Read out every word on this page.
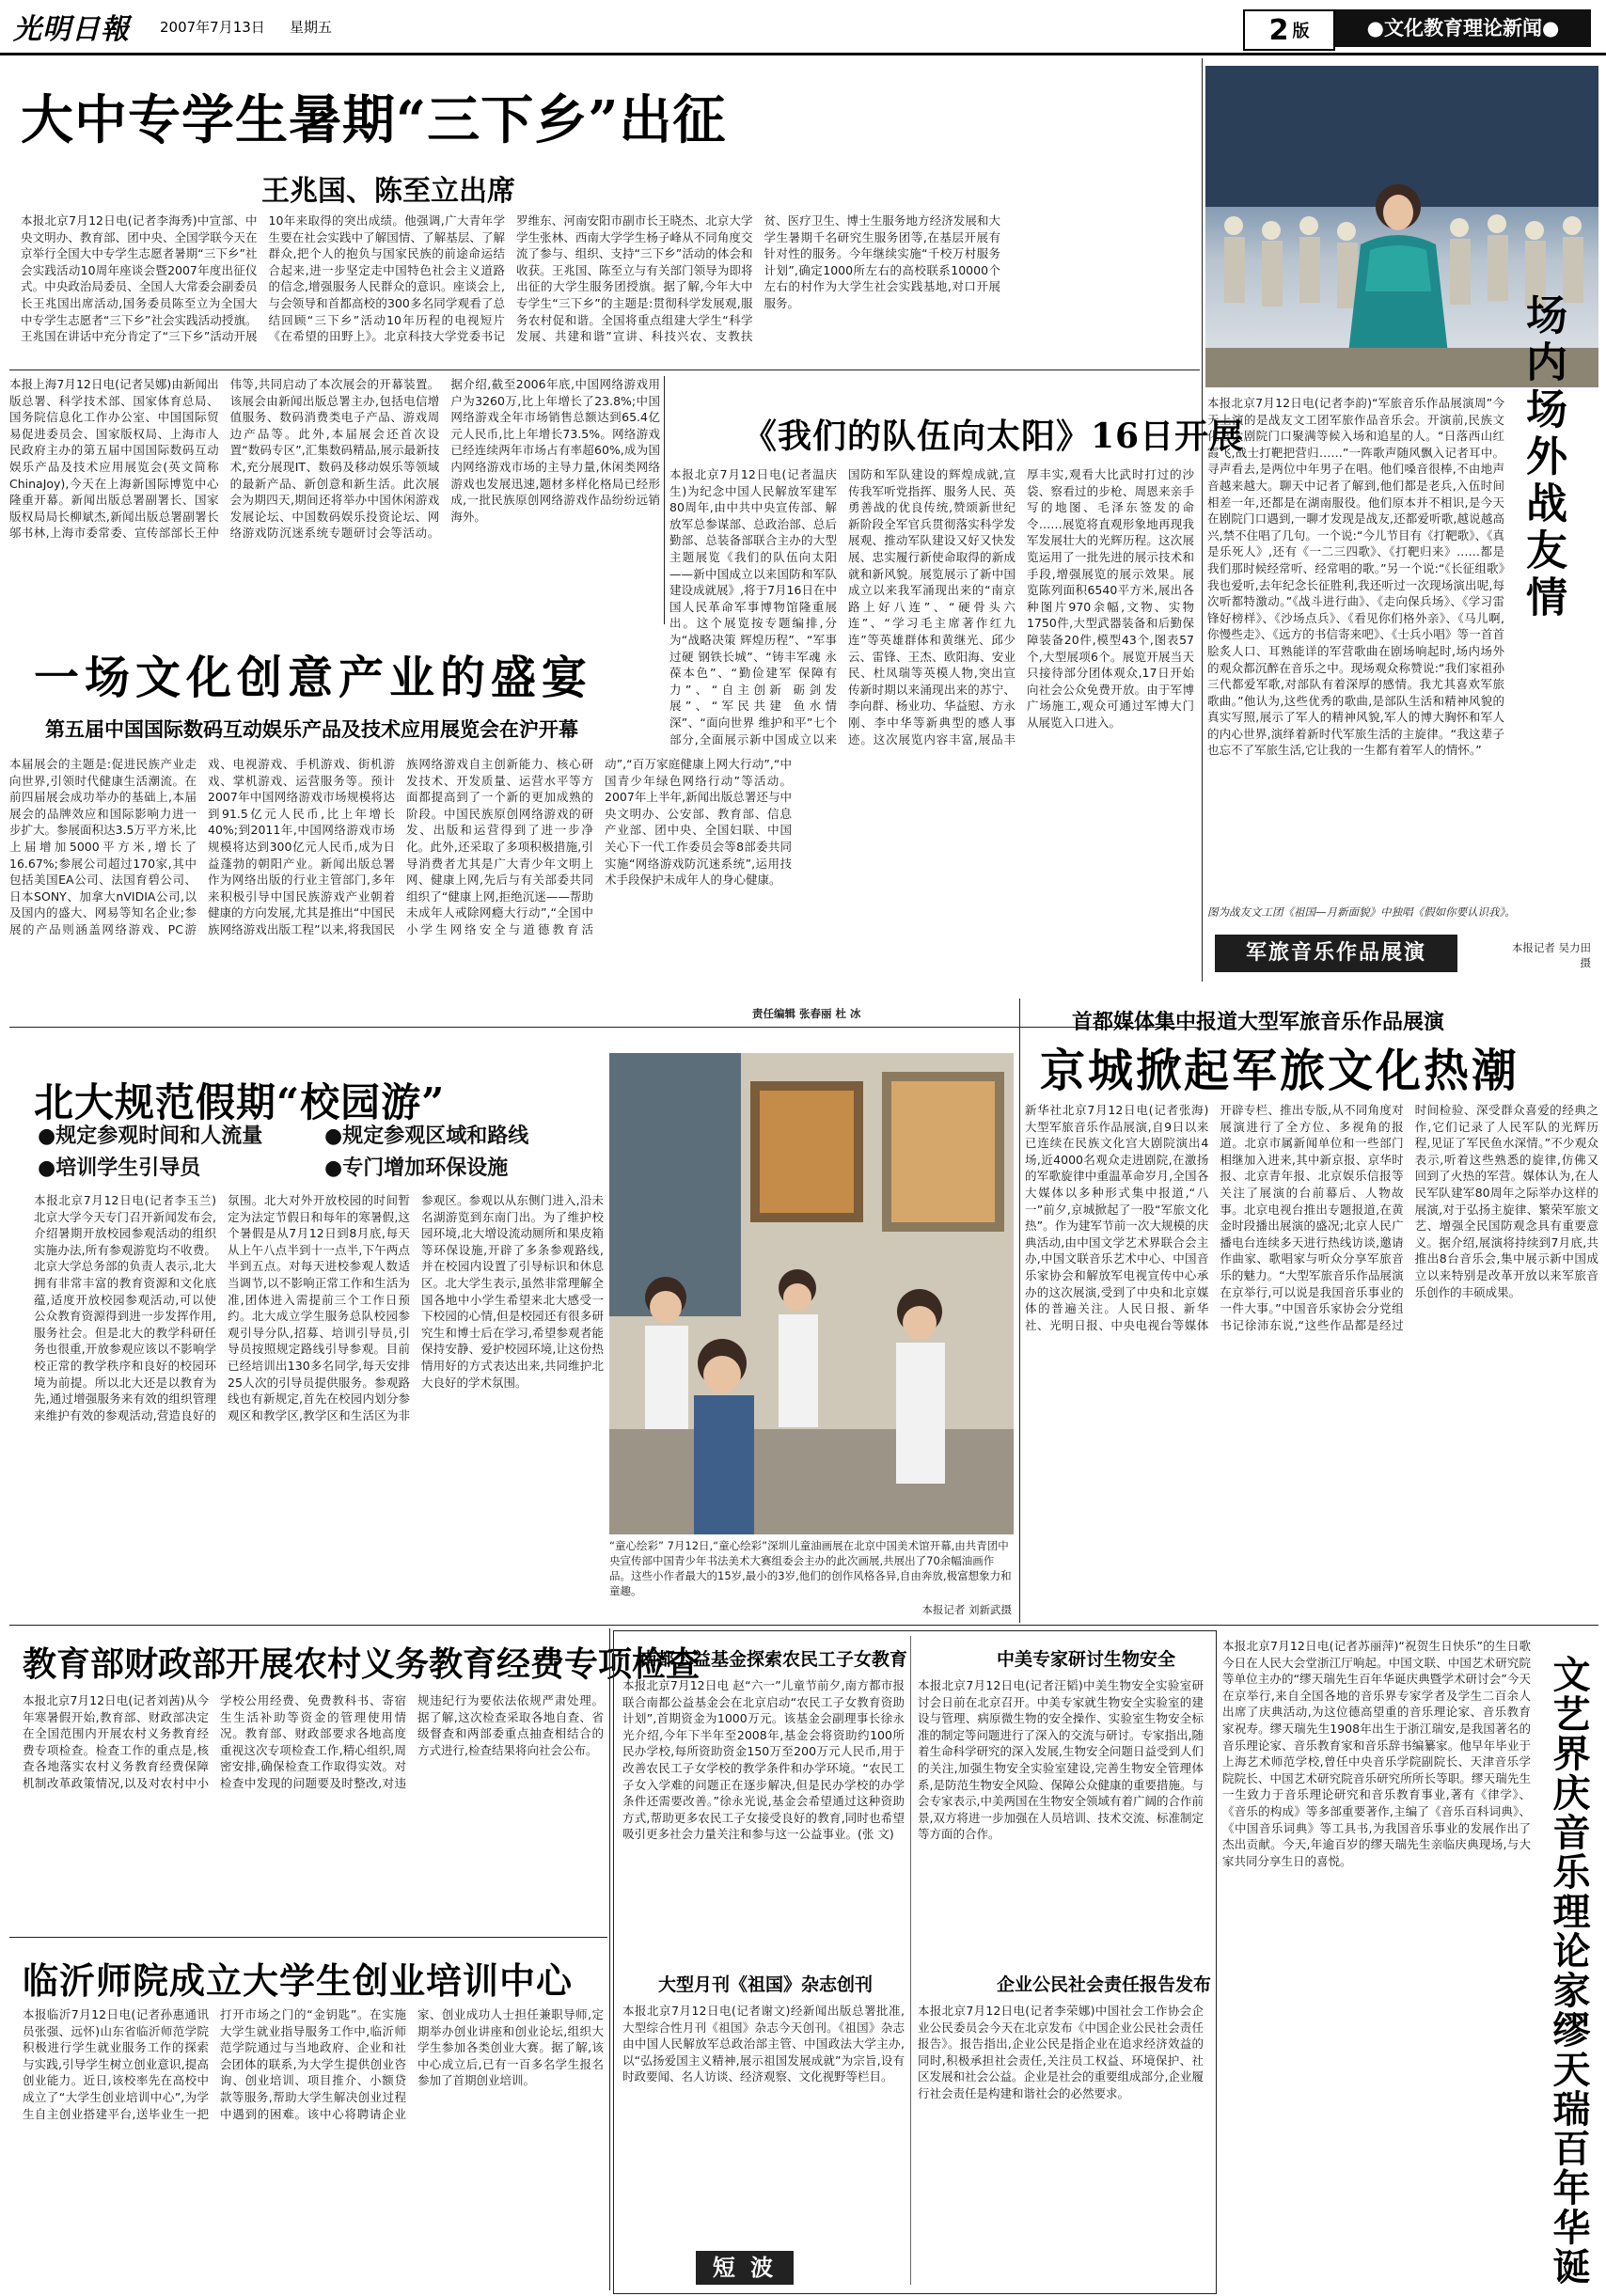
光明日報 2007年7月13日 星期五	2 版	●文化教育理论新闻●
大中专学生暑期“三下乡”出征
王兆国、陈至立出席
本报北京7月12日电(记者李海秀)中宣部、中央文明办、教育部、团中央、全国学联今天在京举行全国大中专学生志愿者暑期“三下乡”社会实践活动10周年座谈会暨2007年度出征仪式。中央政治局委员、全国人大常委会副委员长王兆国出席活动,国务委员陈至立为全国大中专学生志愿者“三下乡”社会实践活动授旗。王兆国在讲话中充分肯定了“三下乡”活动开展10年来取得的突出成绩。他强调,广大青年学生要在社会实践中了解国情、了解基层、了解群众,把个人的抱负与国家民族的前途命运结合起来,进一步坚定走中国特色社会主义道路的信念,增强服务人民群众的意识。座谈会上,与会领导和首都高校的300多名同学观看了总结回顾“三下乡”活动10年历程的电视短片《在希望的田野上》。北京科技大学党委书记罗维东、河南安阳市副市长王晓杰、北京大学学生张林、西南大学学生杨子峰从不同角度交流了参与、组织、支持“三下乡”活动的体会和收获。王兆国、陈至立与有关部门领导为即将出征的大学生服务团授旗。据了解,今年大中专学生“三下乡”的主题是:贯彻科学发展观,服务农村促和谐。全国将重点组建大学生“科学发展、共建和谐”宣讲、科技兴农、支教扶贫、医疗卫生、博士生服务地方经济发展和大学生暑期千名研究生服务团等,在基层开展有针对性的服务。今年继续实施“千校万村服务计划”,确定1000所左右的高校联系10000个左右的村作为大学生社会实践基地,对口开展服务。	场内场外战友情
本报北京7月12日电(记者李韵)“军旅音乐作品展演周”今天上演的是战友文工团军旅作品音乐会。开演前,民族文化宫大剧院门口聚满等候入场和追星的人。“日落西山红霞飞,战士打靶把营归……”一阵歌声随风飘入记者耳中。寻声看去,是两位中年男子在唱。他们嗓音很棒,不由地声音越来越大。聊天中记者了解到,他们都是老兵,入伍时间相差一年,还都是在湖南服役。他们原本并不相识,是今天在剧院门口遇到,一聊才发现是战友,还都爱听歌,越说越高兴,禁不住唱了几句。一个说:“今儿节目有《打靶歌》、《真是乐死人》,还有《一二三四歌》、《打靶归来》……都是我们那时候经常听、经常唱的歌。”另一个说:“《长征组歌》我也爱听,去年纪念长征胜利,我还听过一次现场演出呢,每次听都特激动。”《战斗进行曲》、《走向保兵场》、《学习雷锋好榜样》、《沙场点兵》、《看见你们格外亲》、《马儿啊,你慢些走》、《远方的书信寄来吧》、《士兵小唱》等一首首脍炙人口、耳熟能详的军营歌曲在剧场响起时,场内场外的观众都沉醉在音乐之中。现场观众称赞说:“我们家祖孙三代都爱军歌,对部队有着深厚的感情。我尤其喜欢军旅歌曲。”他认为,这些优秀的歌曲,是部队生活和精神风貌的真实写照,展示了军人的精神风貌,军人的博大胸怀和军人的内心世界,演绎着新时代军旅生活的主旋律。“我这辈子也忘不了军旅生活,它让我的一生都有着军人的情怀。”
图为战友文工团《祖国—月新面貌》中独唱《假如你要认识我》。
军旅音乐作品展演	本报记者 吴力田摄
本报上海7月12日电(记者吴娜)由新闻出版总署、科学技术部、国家体育总局、国务院信息化工作办公室、中国国际贸易促进委员会、国家版权局、上海市人民政府主办的第五届中国国际数码互动娱乐产品及技术应用展览会(英文简称ChinaJoy),今天在上海新国际博览中心隆重开幕。新闻出版总署副署长、国家版权局局长柳斌杰,新闻出版总署副署长邬书林,上海市委常委、宣传部部长王仲伟等,共同启动了本次展会的开幕装置。该展会由新闻出版总署主办,包括电信增值服务、数码消费类电子产品、游戏周边产品等。此外,本届展会还首次设置“数码专区”,汇集数码精品,展示最新技术,充分展现IT、数码及移动娱乐等领域的最新产品、新创意和新生活。此次展会为期四天,期间还将举办中国休闲游戏发展论坛、中国数码娱乐投资论坛、网络游戏防沉迷系统专题研讨会等活动。据介绍,截至2006年底,中国网络游戏用户为3260万,比上年增长了23.8%;中国网络游戏全年市场销售总额达到65.4亿元人民币,比上年增长73.5%。网络游戏已经连续两年市场占有率超60%,成为国内网络游戏市场的主导力量,休闲类网络游戏也发展迅速,题材多样化格局已经形成,一批民族原创网络游戏作品纷纷远销海外。
一场文化创意产业的盛宴
第五届中国国际数码互动娱乐产品及技术应用展览会在沪开幕
本届展会的主题是:促进民族产业走向世界,引领时代健康生活潮流。在前四届展会成功举办的基础上,本届展会的品牌效应和国际影响力进一步扩大。参展面积达3.5万平方米,比上届增加5000平方米,增长了16.67%;参展公司超过170家,其中包括美国EA公司、法国育碧公司、日本SONY、加拿大nVIDIA公司,以及国内的盛大、网易等知名企业;参展的产品则涵盖网络游戏、PC游戏、电视游戏、手机游戏、街机游戏、掌机游戏、运营服务等。预计2007年中国网络游戏市场规模将达到91.5亿元人民币,比上年增长40%;到2011年,中国网络游戏市场规模将达到300亿元人民币,成为日益蓬勃的朝阳产业。新闻出版总署作为网络出版的行业主管部门,多年来积极引导中国民族游戏产业朝着健康的方向发展,尤其是推出“中国民族网络游戏出版工程”以来,将我国民族网络游戏自主创新能力、核心研发技术、开发质量、运营水平等方面都提高到了一个新的更加成熟的阶段。中国民族原创网络游戏的研发、出版和运营得到了进一步净化。此外,还采取了多项积极措施,引导消费者尤其是广大青少年文明上网、健康上网,先后与有关部委共同组织了“健康上网,拒绝沉迷——帮助未成年人戒除网瘾大行动”,“全国中小学生网络安全与道德教育活动”,“百万家庭健康上网大行动”,“中国青少年绿色网络行动”等活动。2007年上半年,新闻出版总署还与中央文明办、公安部、教育部、信息产业部、团中央、全国妇联、中国关心下一代工作委员会等8部委共同实施“网络游戏防沉迷系统”,运用技术手段保护未成年人的身心健康。
《我们的队伍向太阳》16日开展
本报北京7月12日电(记者温庆生)为纪念中国人民解放军建军80周年,由中共中央宣传部、解放军总参谋部、总政治部、总后勤部、总装备部联合主办的大型主题展览《我们的队伍向太阳——新中国成立以来国防和军队建设成就展》,将于7月16日在中国人民革命军事博物馆隆重展出。这个展览按专题编排,分为“战略决策 辉煌历程”、“军事过硬 钢铁长城”、“铸丰军魂 永葆本色”、“勤俭建军 保障有力”、“自主创新 砺剑发展”、“军民共建 鱼水情深”、“面向世界 维护和平”七个部分,全面展示新中国成立以来国防和军队建设的辉煌成就,宣传我军听党指挥、服务人民、英勇善战的优良传统,赞颂新世纪新阶段全军官兵贯彻落实科学发展观、推动军队建设又好又快发展、忠实履行新使命取得的新成就和新风貌。展览展示了新中国成立以来我军涌现出来的“南京路上好八连”、“硬骨头六连”、“学习毛主席著作红九连”等英雄群体和黄继光、邱少云、雷锋、王杰、欧阳海、安业民、杜凤瑞等英模人物,突出宣传新时期以来涌现出来的苏宁、李向群、杨业功、华益慰、方永刚、李中华等新典型的感人事迹。这次展览内容丰富,展品丰厚丰实,观看大比武时打过的沙袋、察看过的步枪、周恩来亲手写的地图、毛泽东签发的命令……展览将直观形象地再现我军发展壮大的光辉历程。这次展览运用了一批先进的展示技术和手段,增强展览的展示效果。展览陈列面积6540平方米,展出各种图片970余幅,文物、实物1750件,大型武器装备和后勤保障装备20件,模型43个,图表57个,大型展项6个。展览开展当天只接待部分团体观众,17日开始向社会公众免费开放。由于军博广场施工,观众可通过军博大门从展览入口进入。
责任编辑 张春丽 杜 冰	首都媒体集中报道大型军旅音乐作品展演
京城掀起军旅文化热潮
新华社北京7月12日电(记者张海)大型军旅音乐作品展演,自9日以来已连续在民族文化宫大剧院演出4场,近4000名观众走进剧院,在激扬的军歌旋律中重温革命岁月,全国各大媒体以多种形式集中报道,“八一”前夕,京城掀起了一股“军旅文化热”。作为建军节前一次大规模的庆典活动,由中国文学艺术界联合会主办,中国文联音乐艺术中心、中国音乐家协会和解放军电视宣传中心承办的这次展演,受到了中央和北京媒体的普遍关注。人民日报、新华社、光明日报、中央电视台等媒体开辟专栏、推出专版,从不同角度对展演进行了全方位、多视角的报道。北京市属新闻单位和一些部门相继加入进来,其中新京报、京华时报、北京青年报、北京娱乐信报等关注了展演的台前幕后、人物故事。北京电视台推出专题报道,在黄金时段播出展演的盛况;北京人民广播电台连续多天进行热线访谈,邀请作曲家、歌唱家与听众分享军旅音乐的魅力。“大型军旅音乐作品展演在京举行,可以说是我国音乐事业的一件大事。”中国音乐家协会分党组书记徐沛东说,“这些作品都是经过时间检验、深受群众喜爱的经典之作,它们记录了人民军队的光辉历程,见证了军民鱼水深情。”不少观众表示,听着这些熟悉的旋律,仿佛又回到了火热的军营。媒体认为,在人民军队建军80周年之际举办这样的展演,对于弘扬主旋律、繁荣军旅文艺、增强全民国防观念具有重要意义。据介绍,展演将持续到7月底,共推出8台音乐会,集中展示新中国成立以来特别是改革开放以来军旅音乐创作的丰硕成果。
北大规范假期“校园游”
●规定参观时间和人流量	●规定参观区域和路线
●培训学生引导员	●专门增加环保设施
本报北京7月12日电(记者李玉兰)北京大学今天专门召开新闻发布会,介绍暑期开放校园参观活动的组织实施办法,所有参观游览均不收费。北京大学总务部的负责人表示,北大拥有非常丰富的教育资源和文化底蕴,适度开放校园参观活动,可以使公众教育资源得到进一步发挥作用,服务社会。但是北大的教学科研任务也很重,开放参观应该以不影响学校正常的教学秩序和良好的校园环境为前提。所以北大还是以教育为先,通过增强服务来有效的组织管理来维护有效的参观活动,营造良好的氛围。北大对外开放校园的时间暂定为法定节假日和每年的寒暑假,这个暑假是从7月12日到8月底,每天从上午八点半到十一点半,下午两点半到五点。对每天进校参观人数适当调节,以不影响正常工作和生活为准,团体进入需提前三个工作日预约。北大成立学生服务总队校园参观引导分队,招募、培训引导员,引导员按照规定路线引导参观。目前已经培训出130多名同学,每天安排25人次的引导员提供服务。参观路线也有新规定,首先在校园内划分参观区和教学区,教学区和生活区为非参观区。参观以从东侧门进入,沿未名湖游览到东南门出。为了维护校园环境,北大增设流动厕所和果皮箱等环保设施,开辟了多条参观路线,并在校园内设置了引导标识和休息区。北大学生表示,虽然非常理解全国各地中小学生希望来北大感受一下校园的心情,但是校园还有很多研究生和博士后在学习,希望参观者能保持安静、爱护校园环境,让这份热情用好的方式表达出来,共同维护北大良好的学术氛围。
“童心绘彩” 7月12日,“童心绘彩”深圳儿童油画展在北京中国美术馆开幕,由共青团中央宣传部中国青少年书法美术大赛组委会主办的此次画展,共展出了70余幅油画作品。这些小作者最大的15岁,最小的3岁,他们的创作风格各异,自由奔放,极富想象力和童趣。
本报记者 刘新武摄
教育部财政部开展农村义务教育经费专项检查
本报北京7月12日电(记者刘茜)从今年寒暑假开始,教育部、财政部决定在全国范围内开展农村义务教育经费专项检查。检查工作的重点是,核查各地落实农村义务教育经费保障机制改革政策情况,以及对农村中小学校公用经费、免费教科书、寄宿生生活补助等资金的管理使用情况。教育部、财政部要求各地高度重视这次专项检查工作,精心组织,周密安排,确保检查工作取得实效。对检查中发现的问题要及时整改,对违规违纪行为要依法依规严肃处理。据了解,这次检查采取各地自查、省级督查和两部委重点抽查相结合的方式进行,检查结果将向社会公布。
临沂师院成立大学生创业培训中心
本报临沂7月12日电(记者孙惠通讯员张强、远怀)山东省临沂师范学院积极进行学生就业服务工作的探索与实践,引导学生树立创业意识,提高创业能力。近日,该校率先在高校中成立了“大学生创业培训中心”,为学生自主创业搭建平台,送毕业生一把打开市场之门的“金钥匙”。在实施大学生就业指导服务工作中,临沂师范学院通过与当地政府、企业和社会团体的联系,为大学生提供创业咨询、创业培训、项目推介、小额贷款等服务,帮助大学生解决创业过程中遇到的困难。该中心将聘请企业家、创业成功人士担任兼职导师,定期举办创业讲座和创业论坛,组织大学生参加各类创业大赛。据了解,该中心成立后,已有一百多名学生报名参加了首期创业培训。
南都公益基金探索农民工子女教育
本报北京7月12日电 赵“六一”儿童节前夕,南方都市报联合南都公益基金会在北京启动“农民工子女教育资助计划”,首期资金为1000万元。该基金会副理事长徐永光介绍,今年下半年至2008年,基金会将资助约100所民办学校,每所资助资金150万至200万元人民币,用于改善农民工子女学校的教学条件和办学环境。“农民工子女入学难的问题正在逐步解决,但是民办学校的办学条件还需要改善。”徐永光说,基金会希望通过这种资助方式,帮助更多农民工子女接受良好的教育,同时也希望吸引更多社会力量关注和参与这一公益事业。(张 文)
中美专家研讨生物安全
本报北京7月12日电(记者汪韬)中美生物安全实验室研讨会日前在北京召开。中美专家就生物安全实验室的建设与管理、病原微生物的安全操作、实验室生物安全标准的制定等问题进行了深入的交流与研讨。专家指出,随着生命科学研究的深入发展,生物安全问题日益受到人们的关注,加强生物安全实验室建设,完善生物安全管理体系,是防范生物安全风险、保障公众健康的重要措施。与会专家表示,中美两国在生物安全领域有着广阔的合作前景,双方将进一步加强在人员培训、技术交流、标准制定等方面的合作。
大型月刊《祖国》杂志创刊
本报北京7月12日电(记者谢文)经新闻出版总署批准,大型综合性月刊《祖国》杂志今天创刊。《祖国》杂志由中国人民解放军总政治部主管、中国政法大学主办,以“弘扬爱国主义精神,展示祖国发展成就”为宗旨,设有时政要闻、名人访谈、经济观察、文化视野等栏目。
企业公民社会责任报告发布
本报北京7月12日电(记者李荣娜)中国社会工作协会企业公民委员会今天在北京发布《中国企业公民社会责任报告》。报告指出,企业公民是指企业在追求经济效益的同时,积极承担社会责任,关注员工权益、环境保护、社区发展和社会公益。企业是社会的重要组成部分,企业履行社会责任是构建和谐社会的必然要求。
短 波
本报北京7月12日电(记者苏丽萍)“祝贺生日快乐”的生日歌今日在人民大会堂浙江厅响起。中国文联、中国艺术研究院等单位主办的“缪天瑞先生百年华诞庆典暨学术研讨会”今天在京举行,来自全国各地的音乐界专家学者及学生二百余人出席了庆典活动,为这位德高望重的音乐理论家、音乐教育家祝寿。缪天瑞先生1908年出生于浙江瑞安,是我国著名的音乐理论家、音乐教育家和音乐辞书编纂家。他早年毕业于上海艺术师范学校,曾任中央音乐学院副院长、天津音乐学院院长、中国艺术研究院音乐研究所所长等职。缪天瑞先生一生致力于音乐理论研究和音乐教育事业,著有《律学》、《音乐的构成》等多部重要著作,主编了《音乐百科词典》、《中国音乐词典》等工具书,为我国音乐事业的发展作出了杰出贡献。今天,年逾百岁的缪天瑞先生亲临庆典现场,与大家共同分享生日的喜悦。	文艺界庆音乐理论家缪天瑞百年华诞
